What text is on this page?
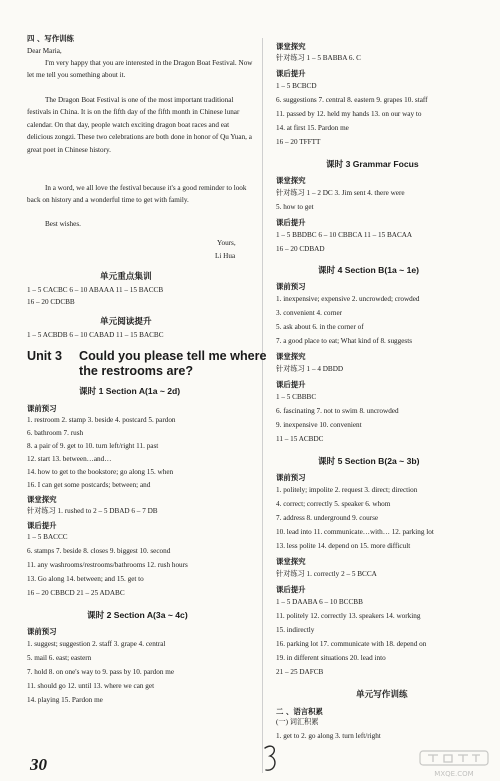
四 、写作训练
Dear Maria,
I'm very happy that you are interested in the Dragon Boat Festival. Now let me tell you something about it.
The Dragon Boat Festival is one of the most important traditional festivals in China. It is on the fifth day of the fifth month in Chinese lunar calendar. On that day, people watch exciting dragon boat races and eat delicious zongzi. These two celebrations are both done in honor of Qu Yuan, a great poet in Chinese history.
In a word, we all love the festival because it's a good reminder to look back on history and a wonderful time to get with family.
Best wishes.
Yours,
Li Hua
单元重点集训
1 – 5 CACBC 6 – 10 ABAAA 11 – 15 BACCB
16 – 20 CDCBB
单元阅读提升
1 – 5 ACBDB 6 – 10 CABAD 11 – 15 BACBC
Unit 3 Could you please tell me where
the restrooms are?
课时 1 Section A(1a ~ 2d)
课前预习
1. restroom 2. stamp 3. beside 4. postcard 5. pardon
6. bathroom 7. rush
8. a pair of 9. get to 10. turn left/right 11. past
12. start 13. between…and…
14. how to get to the bookstore; go along 15. when
16. I can get some postcards; between; and
课堂探究
针对练习 1. rushed to 2 – 5 DBAD 6 – 7 DB
课后提升
1 – 5 BACCC
6. stamps 7. beside 8. closes 9. biggest 10. second
11. any washrooms/restrooms/bathrooms 12. rush hours
13. Go along 14. between; and 15. get to
16 – 20 CBBCD 21 – 25 ADABC
课时 2 Section A(3a ~ 4c)
课前预习
1. suggest; suggestion 2. staff 3. grape 4. central
5. mail 6. east; eastern
7. hold 8. on one's way to 9. pass by 10. pardon me
11. should go 12. until 13. where we can get
14. playing 15. Pardon me
课堂探究
针对练习 1 – 5 BABBA 6. C
课后提升
1 – 5 BCBCD
6. suggestions 7. central 8. eastern 9. grapes 10. staff
11. passed by 12. held my hands 13. on our way to
14. at first 15. Pardon me
16 – 20 TFFTT
课时 3 Grammar Focus
课堂探究
针对练习 1 – 2 DC 3. Jim sent 4. there were
5. how to get
课后提升
1 – 5 BBDBC 6 – 10 CBBCA 11 – 15 BACAA
16 – 20 CDBAD
课时 4 Section B(1a ~ 1e)
课前预习
1. inexpensive; expensive 2. uncrowded; crowded
3. convenient 4. corner
5. ask about 6. in the corner of
7. a good place to eat; What kind of 8. suggests
课堂探究
针对练习 1 – 4 DBDD
课后提升
1 – 5 CBBBC
6. fascinating 7. not to swim 8. uncrowded
9. inexpensive 10. convenient
11 – 15 ACBDC
课时 5 Section B(2a ~ 3b)
课前预习
1. politely; impolite 2. request 3. direct; direction
4. correct; correctly 5. speaker 6. whom
7. address 8. underground 9. course
10. lead into 11. communicate…with… 12. parking lot
13. less polite 14. depend on 15. more difficult
课堂探究
针对练习 1. correctly 2 – 5 BCCA
课后提升
1 – 5 DAABA 6 – 10 BCCBB
11. politely 12. correctly 13. speakers 14. working
15. indirectly
16. parking lot 17. communicate with 18. depend on
19. in different situations 20. lead into
21 – 25 DAFCB
单元写作训练
二 、语言积累
(一) 词汇积累
1. get to 2. go along 3. turn left/right
30	MXQE.COM
